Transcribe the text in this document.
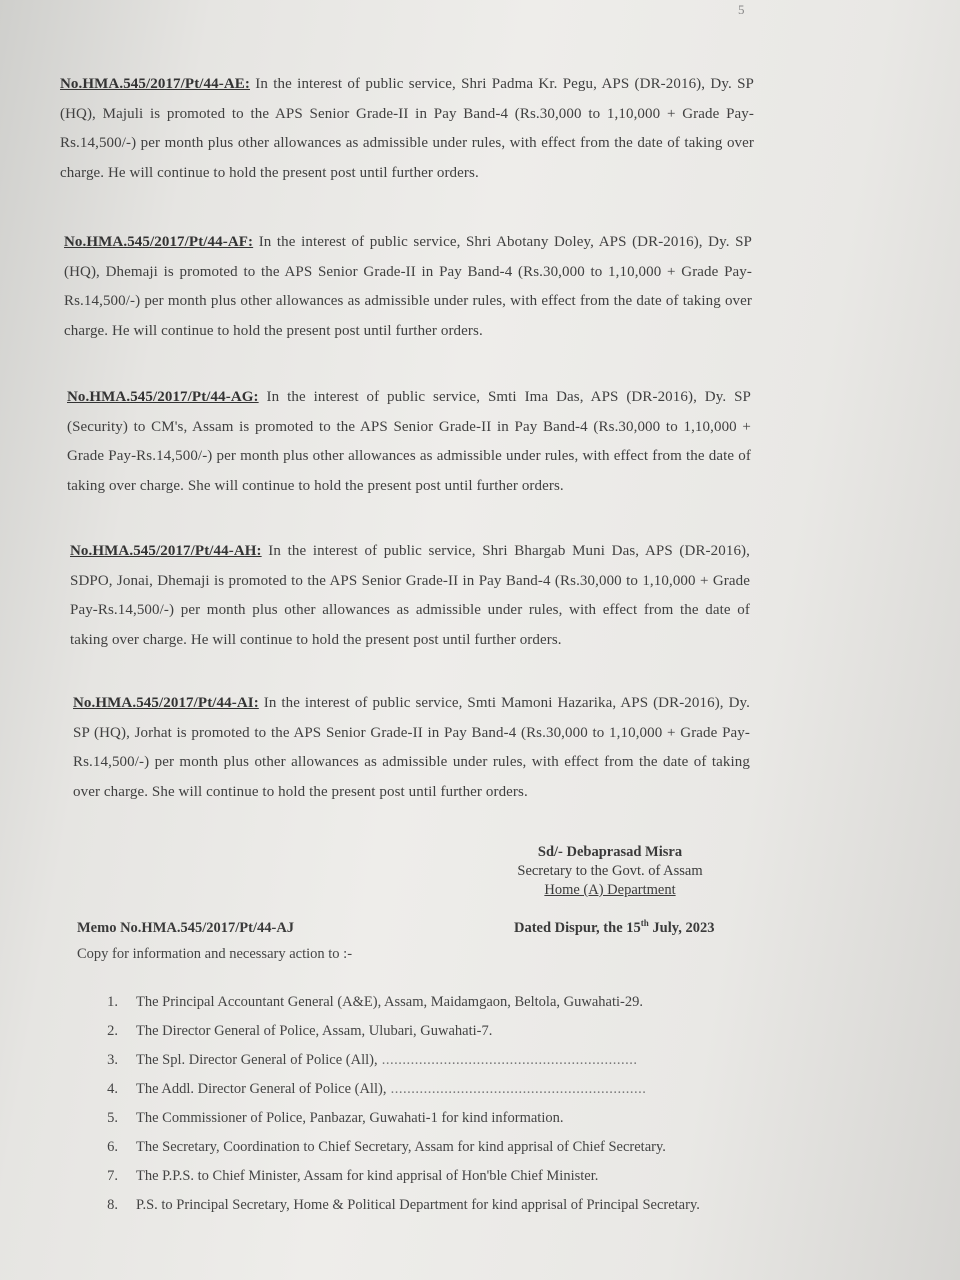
5
No.HMA.545/2017/Pt/44-AE: In the interest of public service, Shri Padma Kr. Pegu, APS (DR-2016), Dy. SP (HQ), Majuli is promoted to the APS Senior Grade-II in Pay Band-4 (Rs.30,000 to 1,10,000 + Grade Pay-Rs.14,500/-) per month plus other allowances as admissible under rules, with effect from the date of taking over charge. He will continue to hold the present post until further orders.
No.HMA.545/2017/Pt/44-AF: In the interest of public service, Shri Abotany Doley, APS (DR-2016), Dy. SP (HQ), Dhemaji is promoted to the APS Senior Grade-II in Pay Band-4 (Rs.30,000 to 1,10,000 + Grade Pay-Rs.14,500/-) per month plus other allowances as admissible under rules, with effect from the date of taking over charge. He will continue to hold the present post until further orders.
No.HMA.545/2017/Pt/44-AG: In the interest of public service, Smti Ima Das, APS (DR-2016), Dy. SP (Security) to CM's, Assam is promoted to the APS Senior Grade-II in Pay Band-4 (Rs.30,000 to 1,10,000 + Grade Pay-Rs.14,500/-) per month plus other allowances as admissible under rules, with effect from the date of taking over charge. She will continue to hold the present post until further orders.
No.HMA.545/2017/Pt/44-AH: In the interest of public service, Shri Bhargab Muni Das, APS (DR-2016), SDPO, Jonai, Dhemaji is promoted to the APS Senior Grade-II in Pay Band-4 (Rs.30,000 to 1,10,000 + Grade Pay-Rs.14,500/-) per month plus other allowances as admissible under rules, with effect from the date of taking over charge. He will continue to hold the present post until further orders.
No.HMA.545/2017/Pt/44-AI: In the interest of public service, Smti Mamoni Hazarika, APS (DR-2016), Dy. SP (HQ), Jorhat is promoted to the APS Senior Grade-II in Pay Band-4 (Rs.30,000 to 1,10,000 + Grade Pay-Rs.14,500/-) per month plus other allowances as admissible under rules, with effect from the date of taking over charge. She will continue to hold the present post until further orders.
Sd/- Debaprasad Misra
Secretary to the Govt. of Assam
Home (A) Department
Memo No.HMA.545/2017/Pt/44-AJ	Dated Dispur, the 15th July, 2023
Copy for information and necessary action to :-
1. The Principal Accountant General (A&E), Assam, Maidamgaon, Beltola, Guwahati-29.
2. The Director General of Police, Assam, Ulubari, Guwahati-7.
3. The Spl. Director General of Police (All), .....
4. The Addl. Director General of Police (All), .....
5. The Commissioner of Police, Panbazar, Guwahati-1 for kind information.
6. The Secretary, Coordination to Chief Secretary, Assam for kind apprisal of Chief Secretary.
7. The P.P.S. to Chief Minister, Assam for kind apprisal of Hon'ble Chief Minister.
8. P.S. to Principal Secretary, Home & Political Department for kind apprisal of Principal Secretary.
